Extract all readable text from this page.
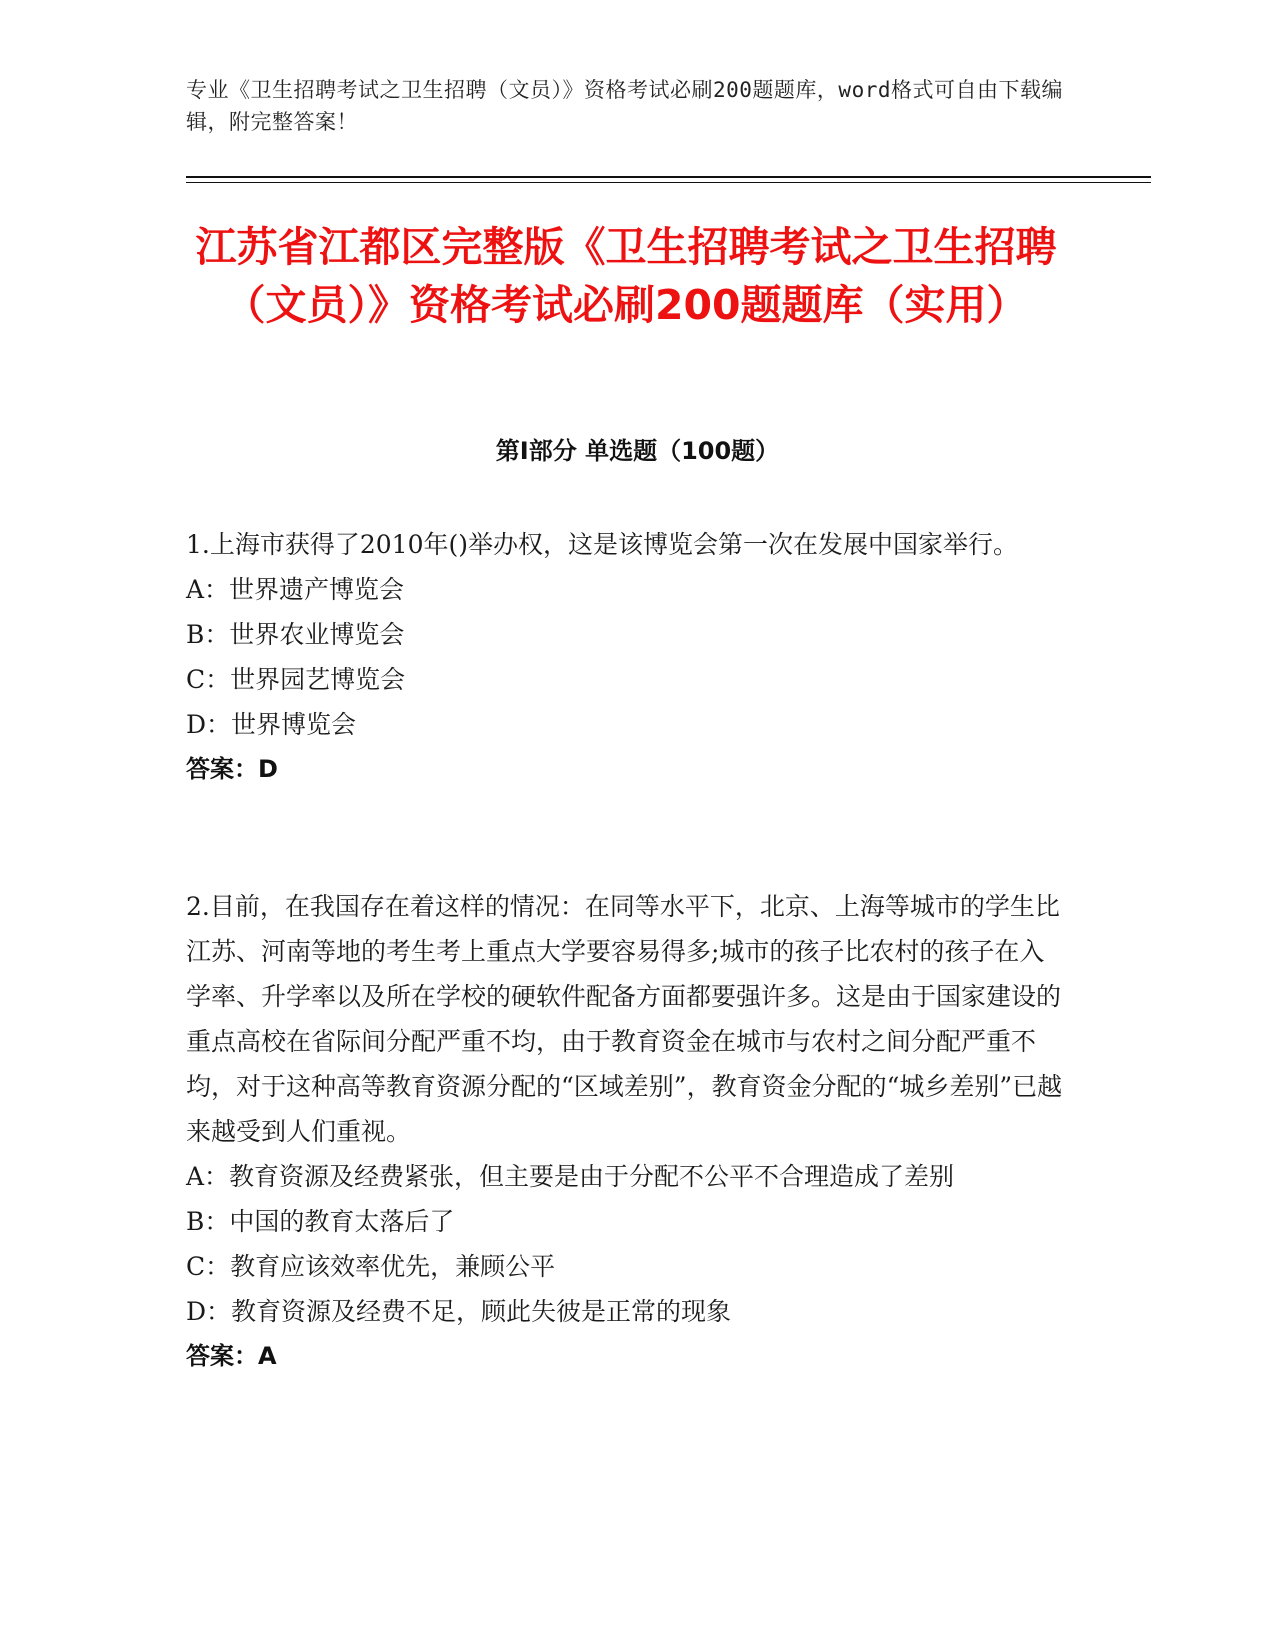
专业《卫生招聘考试之卫生招聘（文员）》资格考试必刷200题题库，word格式可自由下载编辑，附完整答案！
江苏省江都区完整版《卫生招聘考试之卫生招聘（文员）》资格考试必刷200题题库（实用）
第I部分 单选题（100题）

1.上海市获得了2010年()举办权，这是该博览会第一次在发展中国家举行。

A：世界遗产博览会

B：世界农业博览会

C：世界园艺博览会

D：世界博览会

答案：D

2.目前，在我国存在着这样的情况：在同等水平下，北京、上海等城市的学生比江苏、河南等地的考生考上重点大学要容易得多;城市的孩子比农村的孩子在入学率、升学率以及所在学校的硬软件配备方面都要强许多。这是由于国家建设的重点高校在省际间分配严重不均，由于教育资金在城市与农村之间分配严重不均，对于这种高等教育资源分配的“区域差别”，教育资金分配的“城乡差别”已越来越受到人们重视。

A：教育资源及经费紧张，但主要是由于分配不公平不合理造成了差别

B：中国的教育太落后了

C：教育应该效率优先，兼顾公平

D：教育资源及经费不足，顾此失彼是正常的现象

答案：A
